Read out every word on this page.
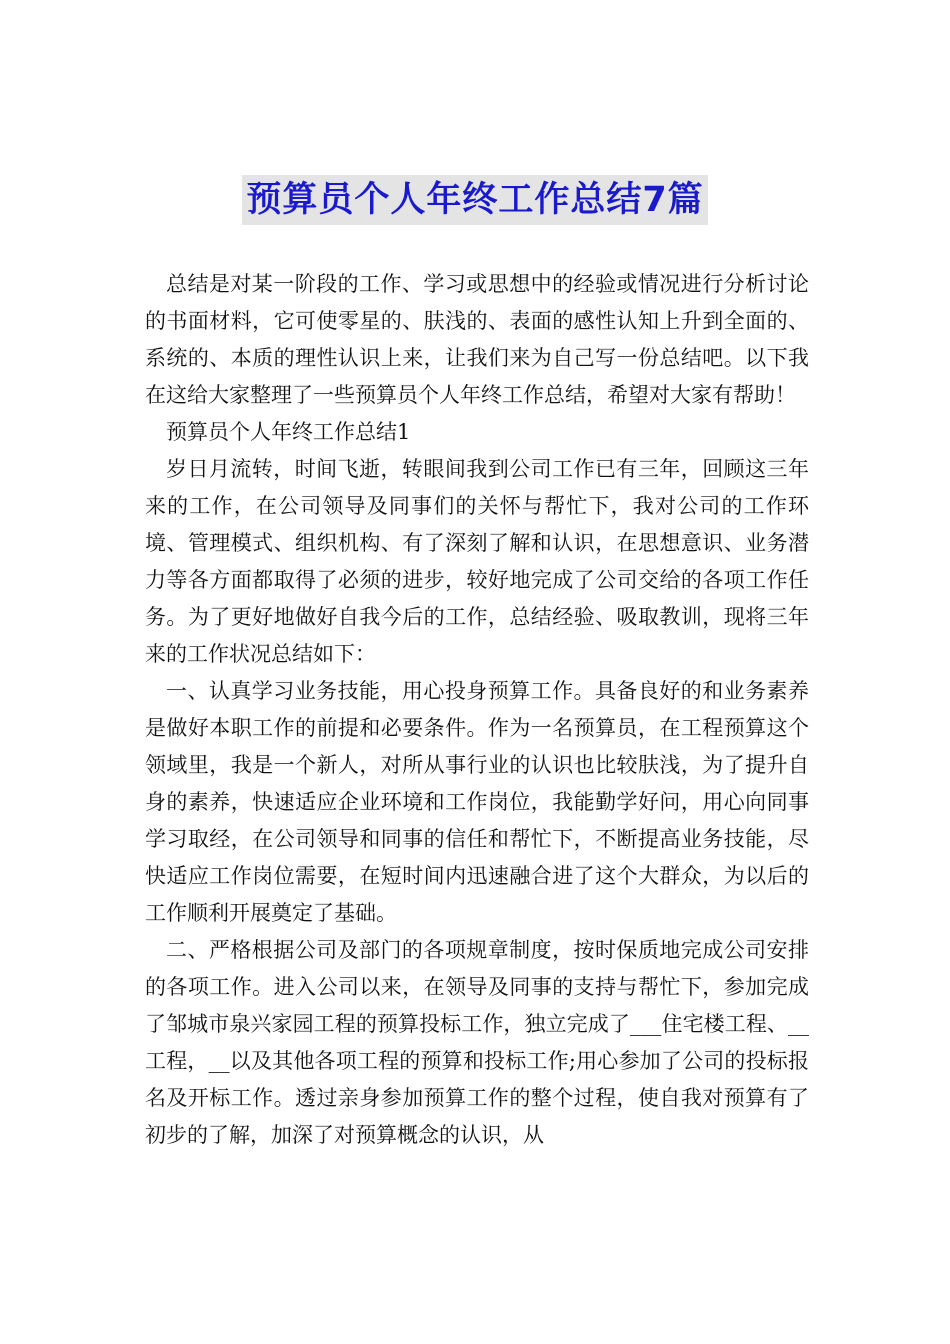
预算员个人年终工作总结7篇

总结是对某一阶段的工作、学习或思想中的经验或情况进行分析讨论的书面材料，它可使零星的、肤浅的、表面的感性认知上升到全面的、系统的、本质的理性认识上来，让我们来为自己写一份总结吧。以下我在这给大家整理了一些预算员个人年终工作总结，希望对大家有帮助！

预算员个人年终工作总结1

岁日月流转，时间飞逝，转眼间我到公司工作已有三年，回顾这三年来的工作，在公司领导及同事们的关怀与帮忙下，我对公司的工作环境、管理模式、组织机构、有了深刻了解和认识，在思想意识、业务潜力等各方面都取得了必须的进步，较好地完成了公司交给的各项工作任务。为了更好地做好自我今后的工作，总结经验、吸取教训，现将三年来的工作状况总结如下：

一、认真学习业务技能，用心投身预算工作。具备良好的和业务素养是做好本职工作的前提和必要条件。作为一名预算员，在工程预算这个领域里，我是一个新人，对所从事行业的认识也比较肤浅，为了提升自身的素养，快速适应企业环境和工作岗位，我能勤学好问，用心向同事学习取经，在公司领导和同事的信任和帮忙下，不断提高业务技能，尽快适应工作岗位需要，在短时间内迅速融合进了这个大群众，为以后的工作顺利开展奠定了基础。

二、严格根据公司及部门的各项规章制度，按时保质地完成公司安排的各项工作。进入公司以来，在领导及同事的支持与帮忙下，参加完成了邹城市泉兴家园工程的预算投标工作，独立完成了___住宅楼工程、__工程，__以及其他各项工程的预算和投标工作;用心参加了公司的投标报名及开标工作。透过亲身参加预算工作的整个过程，使自我对预算有了初步的了解，加深了对预算概念的认识，从
